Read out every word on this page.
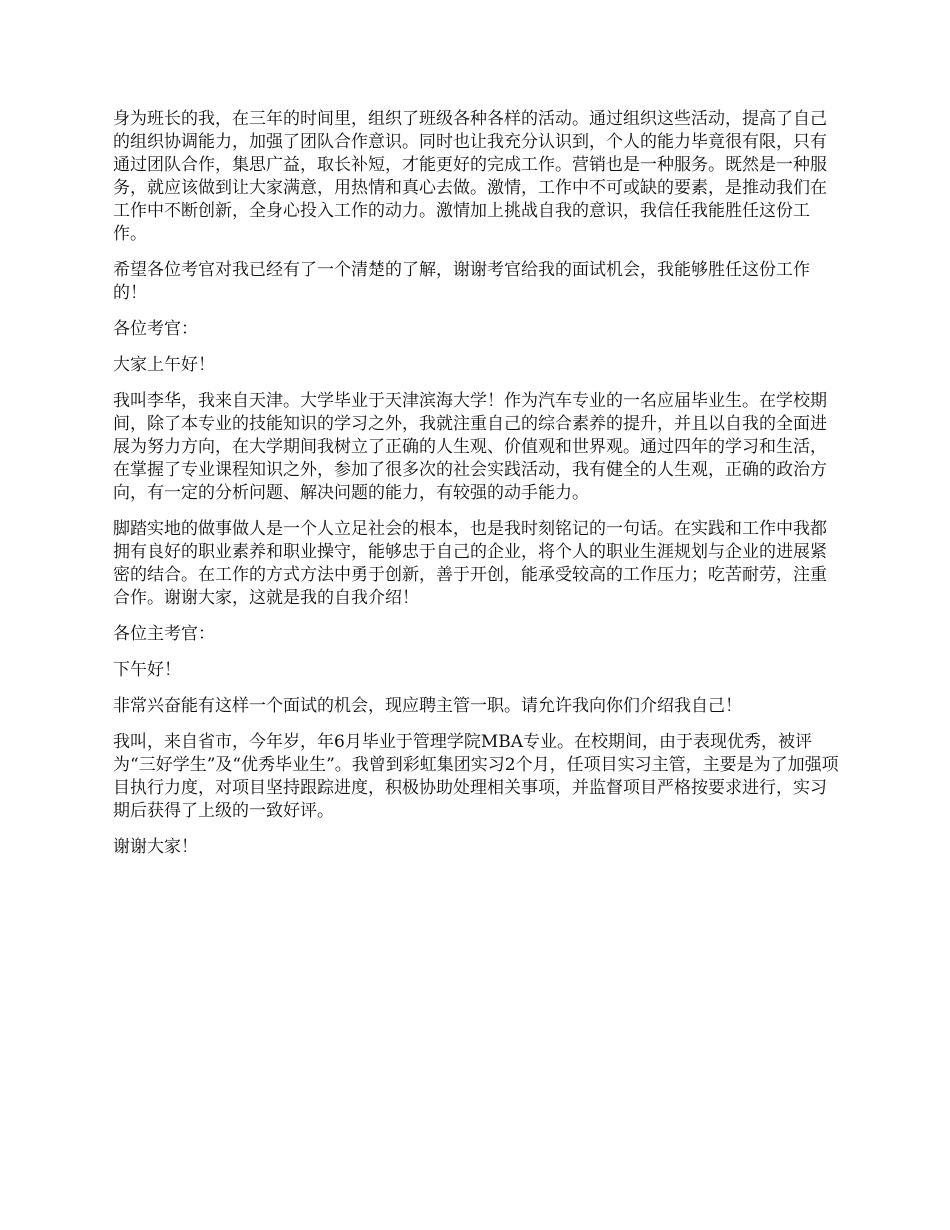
身为班长的我，在三年的时间里，组织了班级各种各样的活动。通过组织这些活动，提高了自己的组织协调能力，加强了团队合作意识。同时也让我充分认识到，个人的能力毕竟很有限，只有通过团队合作，集思广益，取长补短，才能更好的完成工作。营销也是一种服务。既然是一种服务，就应该做到让大家满意，用热情和真心去做。激情，工作中不可或缺的要素，是推动我们在工作中不断创新，全身心投入工作的动力。激情加上挑战自我的意识，我信任我能胜任这份工作。

希望各位考官对我已经有了一个清楚的了解，谢谢考官给我的面试机会，我能够胜任这份工作的！

各位考官：

大家上午好！

我叫李华，我来自天津。大学毕业于天津滨海大学！作为汽车专业的一名应届毕业生。在学校期间，除了本专业的技能知识的学习之外，我就注重自己的综合素养的提升，并且以自我的全面进展为努力方向，在大学期间我树立了正确的人生观、价值观和世界观。通过四年的学习和生活，在掌握了专业课程知识之外，参加了很多次的社会实践活动，我有健全的人生观，正确的政治方向，有一定的分析问题、解决问题的能力，有较强的动手能力。

脚踏实地的做事做人是一个人立足社会的根本，也是我时刻铭记的一句话。在实践和工作中我都拥有良好的职业素养和职业操守，能够忠于自己的企业，将个人的职业生涯规划与企业的进展紧密的结合。在工作的方式方法中勇于创新，善于开创，能承受较高的工作压力；吃苦耐劳，注重合作。谢谢大家，这就是我的自我介绍！

各位主考官：

下午好！

非常兴奋能有这样一个面试的机会，现应聘主管一职。请允许我向你们介绍我自己！

我叫，来自省市，今年岁，年6月毕业于管理学院MBA专业。在校期间，由于表现优秀，被评为“三好学生”及“优秀毕业生”。我曾到彩虹集团实习2个月，任项目实习主管，主要是为了加强项目执行力度，对项目坚持跟踪进度，积极协助处理相关事项，并监督项目严格按要求进行，实习期后获得了上级的一致好评。

谢谢大家！
